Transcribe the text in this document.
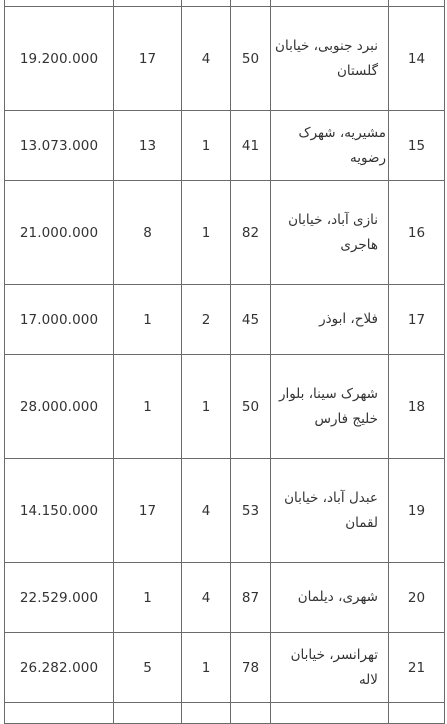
19.200.000	17	4	50	نبرد جنوبی، خیابان گلستان	14
13.073.000	13	1	41	مشیریه، شهرک رضویه	15
21.000.000	8	1	82	نازی آباد، خیابان هاجری	16
17.000.000	1	2	45	فلاح، ابوذر	17
28.000.000	1	1	50	شهرک سینا، بلوار خلیج فارس	18
14.150.000	17	4	53	عبدل آباد، خیابان لقمان	19
22.529.000	1	4	87	شهری، دیلمان	20
26.282.000	5	1	78	تهرانسر، خیابان لاله	21
